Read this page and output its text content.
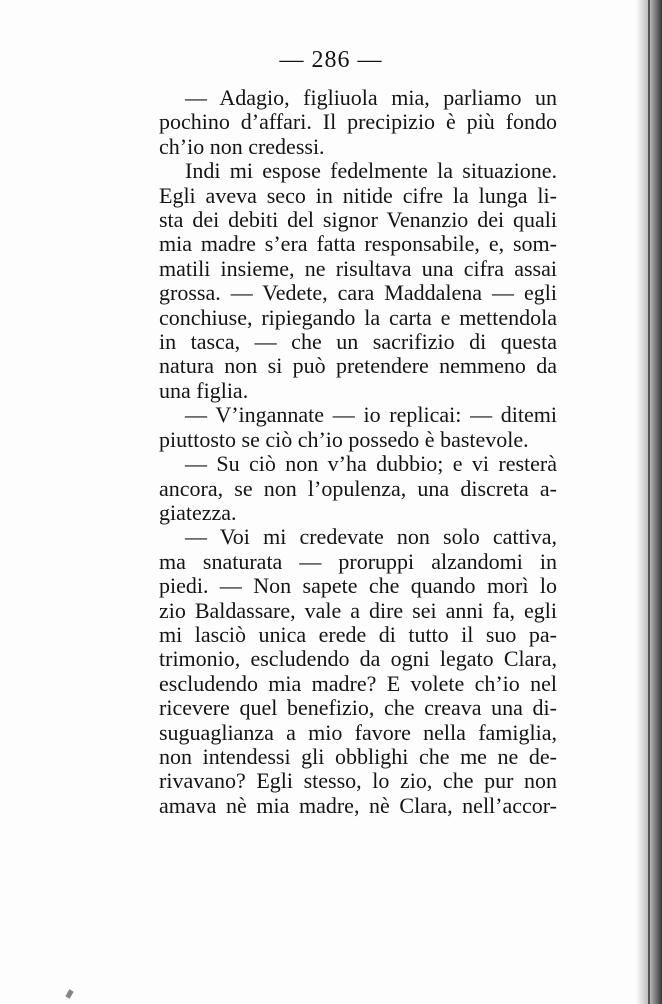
— 286 —

— Adagio, figliuola mia, parliamo un
pochino d’affari. Il precipizio è più fondo
ch’io non credessi.

Indi mi espose fedelmente la situazione.
Egli aveva seco in nitide cifre la lunga li-
sta dei debiti del signor Venanzio dei quali
mia madre s’era fatta responsabile, e, som-
matili insieme, ne risultava una cifra assai
grossa. — Vedete, cara Maddalena — egli
conchiuse, ripiegando la carta e mettendola
in tasca, — che un sacrifizio di questa
natura non si può pretendere nemmeno da
una figlia.

— V’ingannate — io replicai: — ditemi
piuttosto se ciò ch’io possedo è bastevole.

— Su ciò non v’ha dubbio; e vi resterà
ancora, se non l’opulenza, una discreta a-
giatezza.

— Voi mi credevate non solo cattiva,
ma snaturata — proruppi alzandomi in
piedi. — Non sapete che quando morì lo
zio Baldassare, vale a dire sei anni fa, egli
mi lasciò unica erede di tutto il suo pa-
trimonio, escludendo da ogni legato Clara,
escludendo mia madre? E volete ch’io nel
ricevere quel benefizio, che creava una di-
suguaglianza a mio favore nella famiglia,
non intendessi gli obblighi che me ne de-
rivavano? Egli stesso, lo zio, che pur non
amava nè mia madre, nè Clara, nell’accor-
